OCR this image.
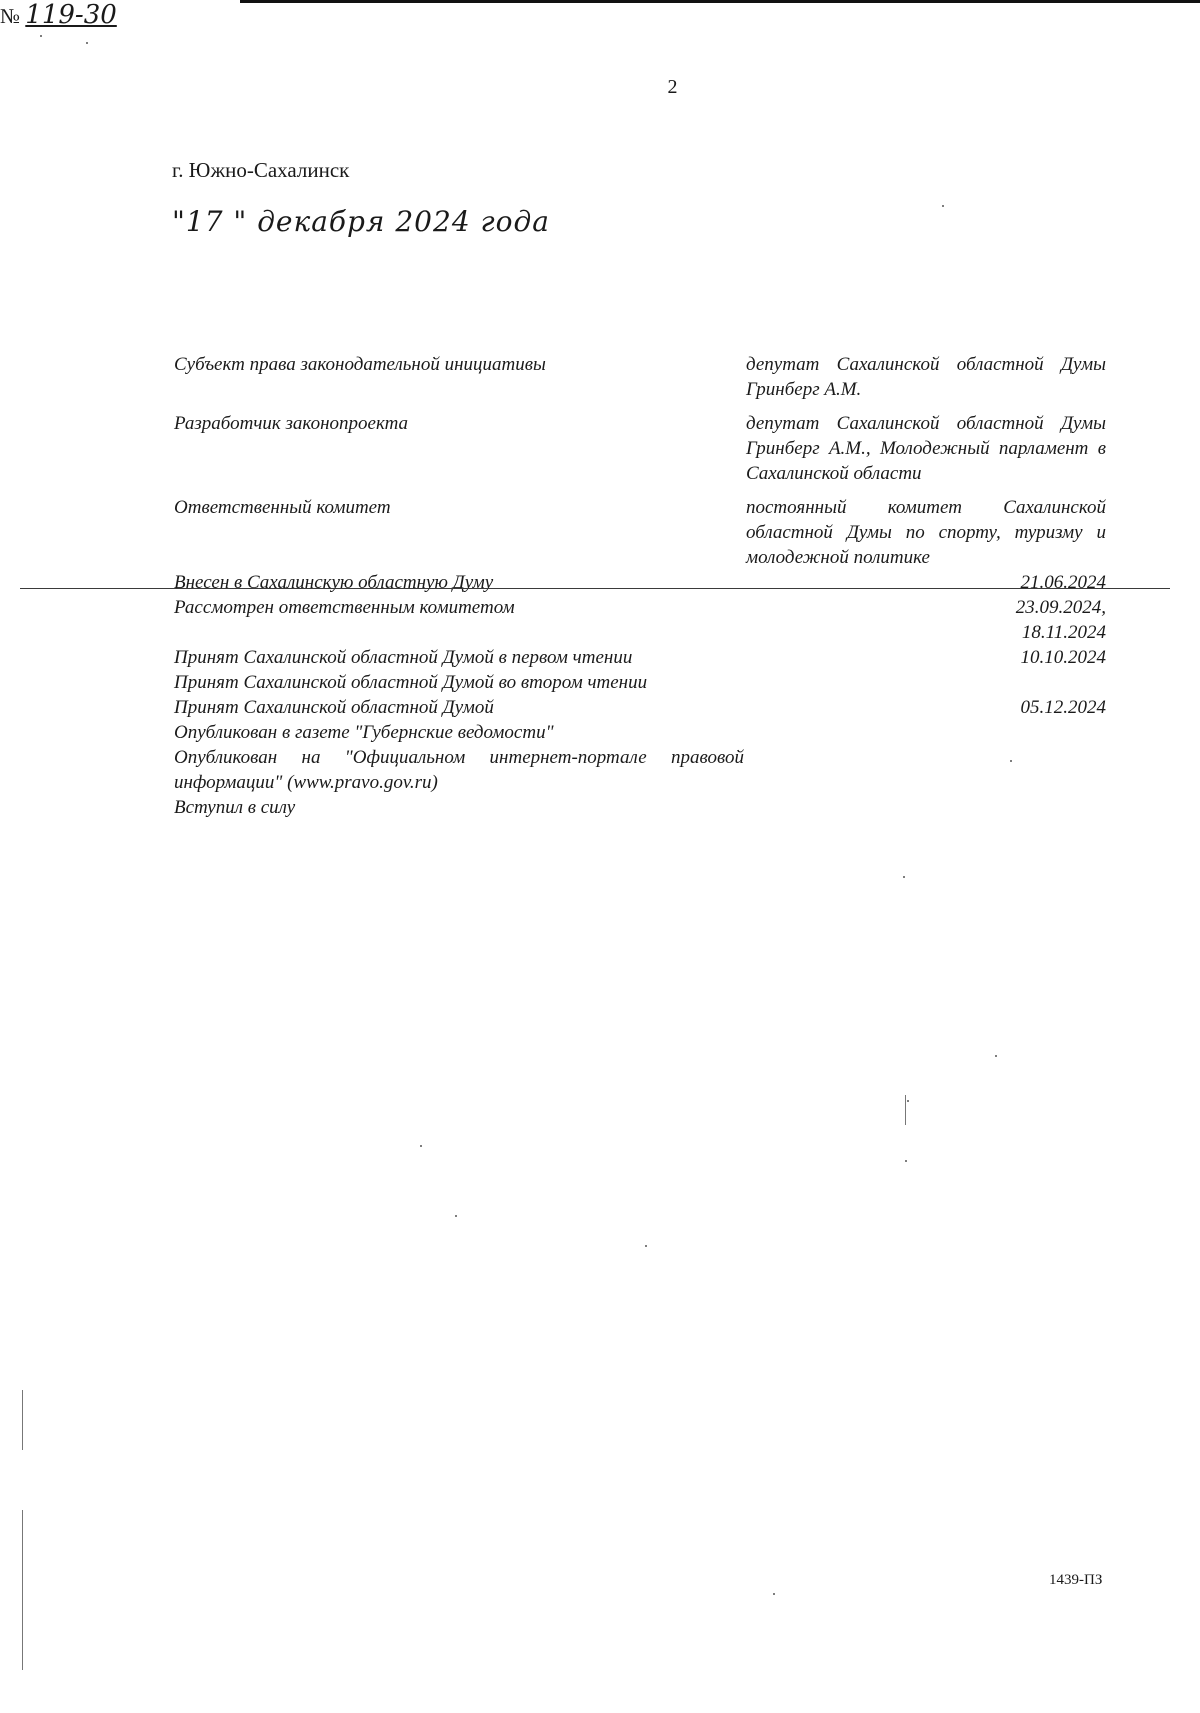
2
г. Южно-Сахалинск
"17 " декабря 2024 года
№ 119-30
Субъект права законодательной инициативы	депутат Сахалинской областной Думы Гринберг А.М.
Разработчик законопроекта	депутат Сахалинской областной Думы Гринберг А.М., Молодежный парламент в Сахалинской области
Ответственный комитет	постоянный комитет Сахалинской областной Думы по спорту, туризму и молодежной политике
Внесен в Сахалинскую областную Думу	21.06.2024
Рассмотрен ответственным комитетом	23.09.2024,
18.11.2024
Принят Сахалинской областной Думой в первом чтении	10.10.2024
Принят Сахалинской областной Думой во втором чтении
Принят Сахалинской областной Думой	05.12.2024
Опубликован в газете "Губернские ведомости"
Опубликован на "Официальном интернет-портале правовой информации" (www.pravo.gov.ru)
Вступил в силу
1439-ПЗ
